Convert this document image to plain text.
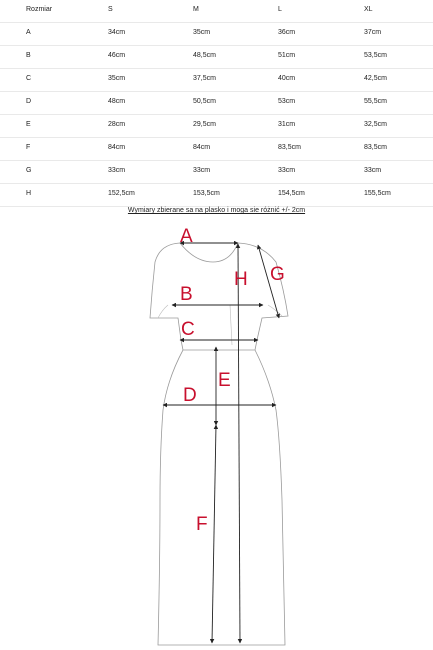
Rozmiar	S	M	L	XL
A	34cm	35cm	36cm	37cm
B	46cm	48,5cm	51cm	53,5cm
C	35cm	37,5cm	40cm	42,5cm
D	48cm	50,5cm	53cm	55,5cm
E	28cm	29,5cm	31cm	32,5cm
F	84cm	84cm	83,5cm	83,5cm
G	33cm	33cm	33cm	33cm
H	152,5cm	153,5cm	154,5cm	155,5cm
Wymiary zbierane sa na plasko i moga sie różnić +/- 2cm
A
B
C
D
E
F
G
H
